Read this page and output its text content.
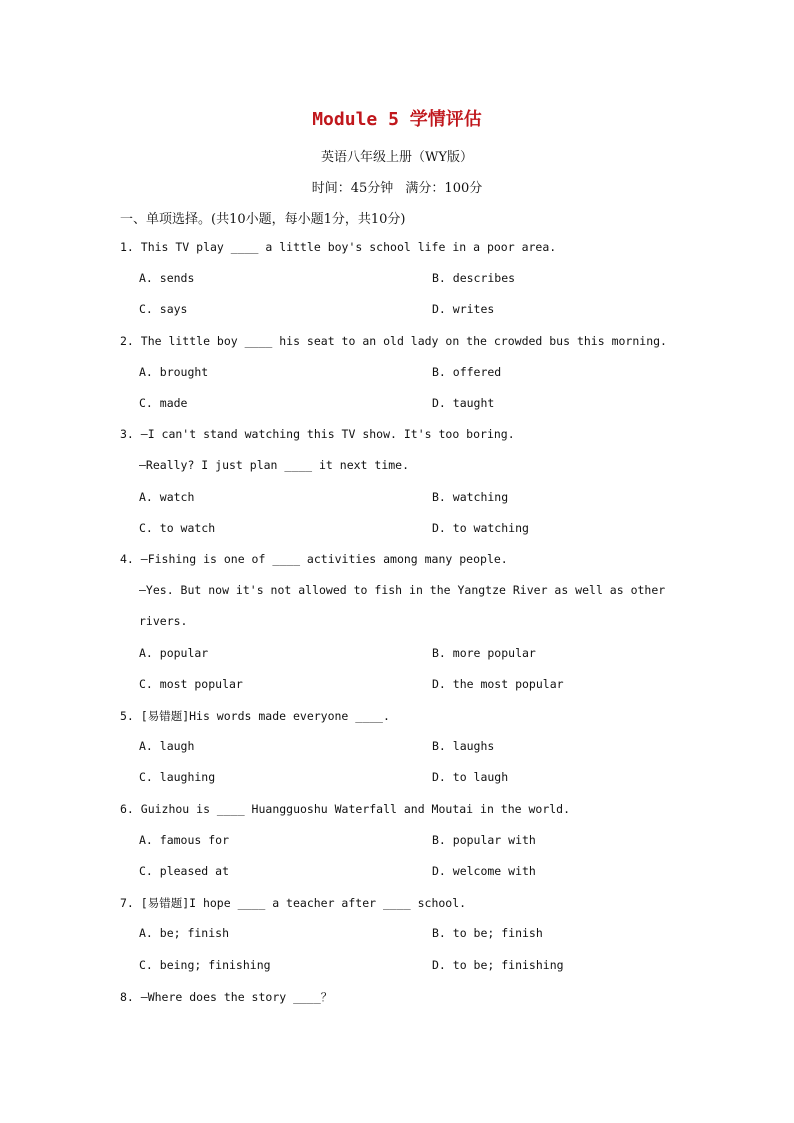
Module 5 学情评估
英语八年级上册（WY版）
时间：45分钟 满分：100分
一、单项选择。(共10小题，每小题1分，共10分)
1. This TV play ____ a little boy's school life in a poor area.
A. sends	B. describes
C. says	D. writes
2. The little boy ____ his seat to an old lady on the crowded bus this morning.
A. brought	B. offered
C. made	D. taught
3. —I can't stand watching this TV show. It's too boring.
—Really? I just plan ____ it next time.
A. watch	B. watching
C. to watch	D. to watching
4. —Fishing is one of ____ activities among many people.
—Yes. But now it's not allowed to fish in the Yangtze River as well as other
rivers.
A. popular	B. more popular
C. most popular	D. the most popular
5. [易错题]His words made everyone ____.
A. laugh	B. laughs
C. laughing	D. to laugh
6. Guizhou is ____ Huangguoshu Waterfall and Moutai in the world.
A. famous for	B. popular with
C. pleased at	D. welcome with
7. [易错题]I hope ____ a teacher after ____ school.
A. be; finish	B. to be; finish
C. being; finishing	D. to be; finishing
8. —Where does the story ____？
